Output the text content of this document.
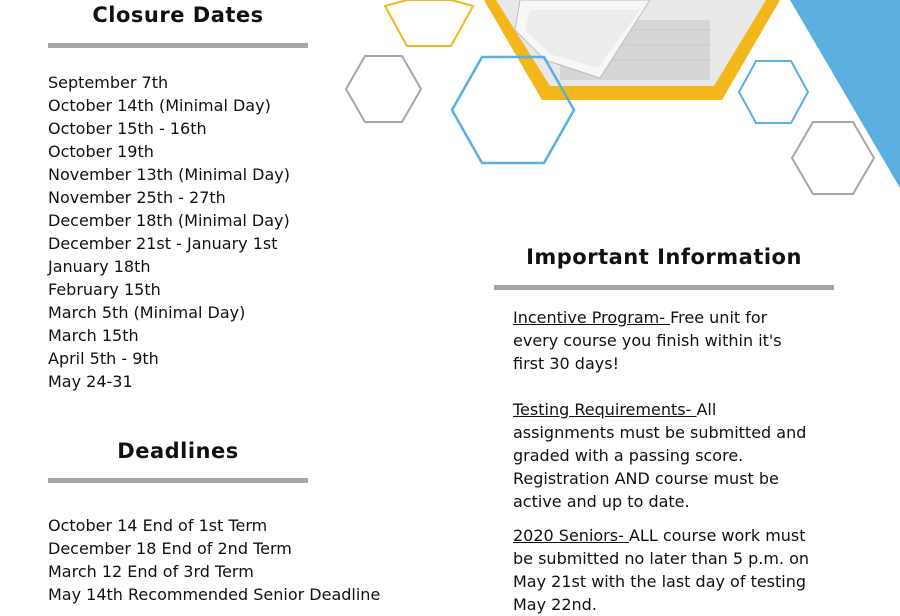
Closure Dates
September 7th
October 14th (Minimal Day)
October 15th - 16th
October 19th
November 13th (Minimal Day)
November 25th - 27th
December 18th (Minimal Day)
December 21st - January 1st
January 18th
February 15th
March 5th (Minimal Day)
March 15th
April 5th - 9th
May 24-31
Deadlines
October 14 End of 1st Term
December 18 End of 2nd Term
March 12 End of 3rd Term
May 14th Recommended Senior Deadline
Important Information

Incentive Program- Free unit for every course you finish within it's first 30 days!

Testing Requirements- All assignments must be submitted and graded with a passing score. Registration AND course must be active and up to date.

2020 Seniors- ALL course work must be submitted no later than 5 p.m. on May 21st with the last day of testing May 22nd.
